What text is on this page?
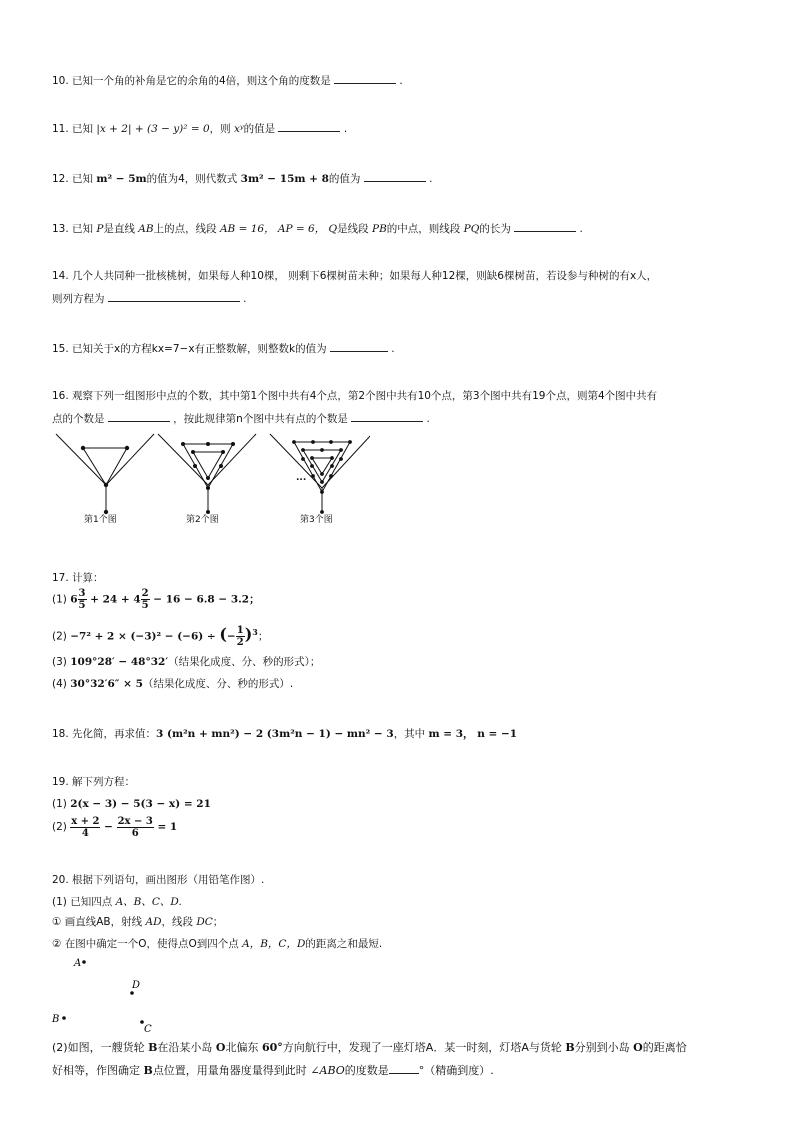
10. 已知一个角的补角是它的余角的4倍，则这个角的度数是	.
11. 已知 |x + 2| + (3 − y)² = 0，则 xʸ的值是	.
12. 已知 m² − 5m的值为4，则代数式 3m² − 15m + 8的值为	.
13. 已知 P是直线 AB上的点，线段 AB = 16， AP = 6， Q是线段 PB的中点，则线段 PQ的长为	.
14. 几个人共同种一批核桃树，如果每人种10棵， 则剩下6棵树苗未种；如果每人种12棵，则缺6棵树苗，若设参与种树的有x人，
则列方程为	.
15. 已知关于x的方程kx=7−x有正整数解，则整数k的值为	.
16. 观察下列一组图形中点的个数，其中第1个图中共有4个点，第2个图中共有10个点，第3个图中共有19个点，则第4个图中共有
点的个数是	，按此规律第n个图中共有点的个数是	.
...
第1个图	第2个图	第3个图
17. 计算：
(1) $6 \frac{3}{5} + 24 + 4 \frac{2}{5} - 16 - 6.8 - 3.2$；
(2) −7² + 2 × (−3)² − (−6) ÷ (− $\frac{1}{2} )^3$；
(3) 109°28′ − 48°32′（结果化成度、分、秒的形式）；
(4) 30°32′6″ × 5（结果化成度、分、秒的形式）.
18. 先化简，再求值：3 (m²n + mn²) − 2 (3m²n − 1) − mn² − 3，其中 m = 3， n = −1
19. 解下列方程：
(1) 2(x − 3) − 5(3 − x) = 21
$(2) \frac{x + 2}{4} - \frac{2x - 3}{6} = 1$
20. 根据下列语句，画出图形（用铅笔作图）.
(1) 已知四点 A、B、C、D.
① 画直线AB，射线 AD，线段 DC；
② 在图中确定一个O，使得点O到四个点 A，B，C，D的距离之和最短.
A
D
B
C
(2)如图，一艘货轮 B在沿某小岛 O北偏东 60°方向航行中，发现了一座灯塔A．某一时刻，灯塔A与货轮 B分别到小岛 O的距离恰
好相等，作图确定 B点位置，用量角器度量得到此时 ∠ABO的度数是	°（精确到度）.
